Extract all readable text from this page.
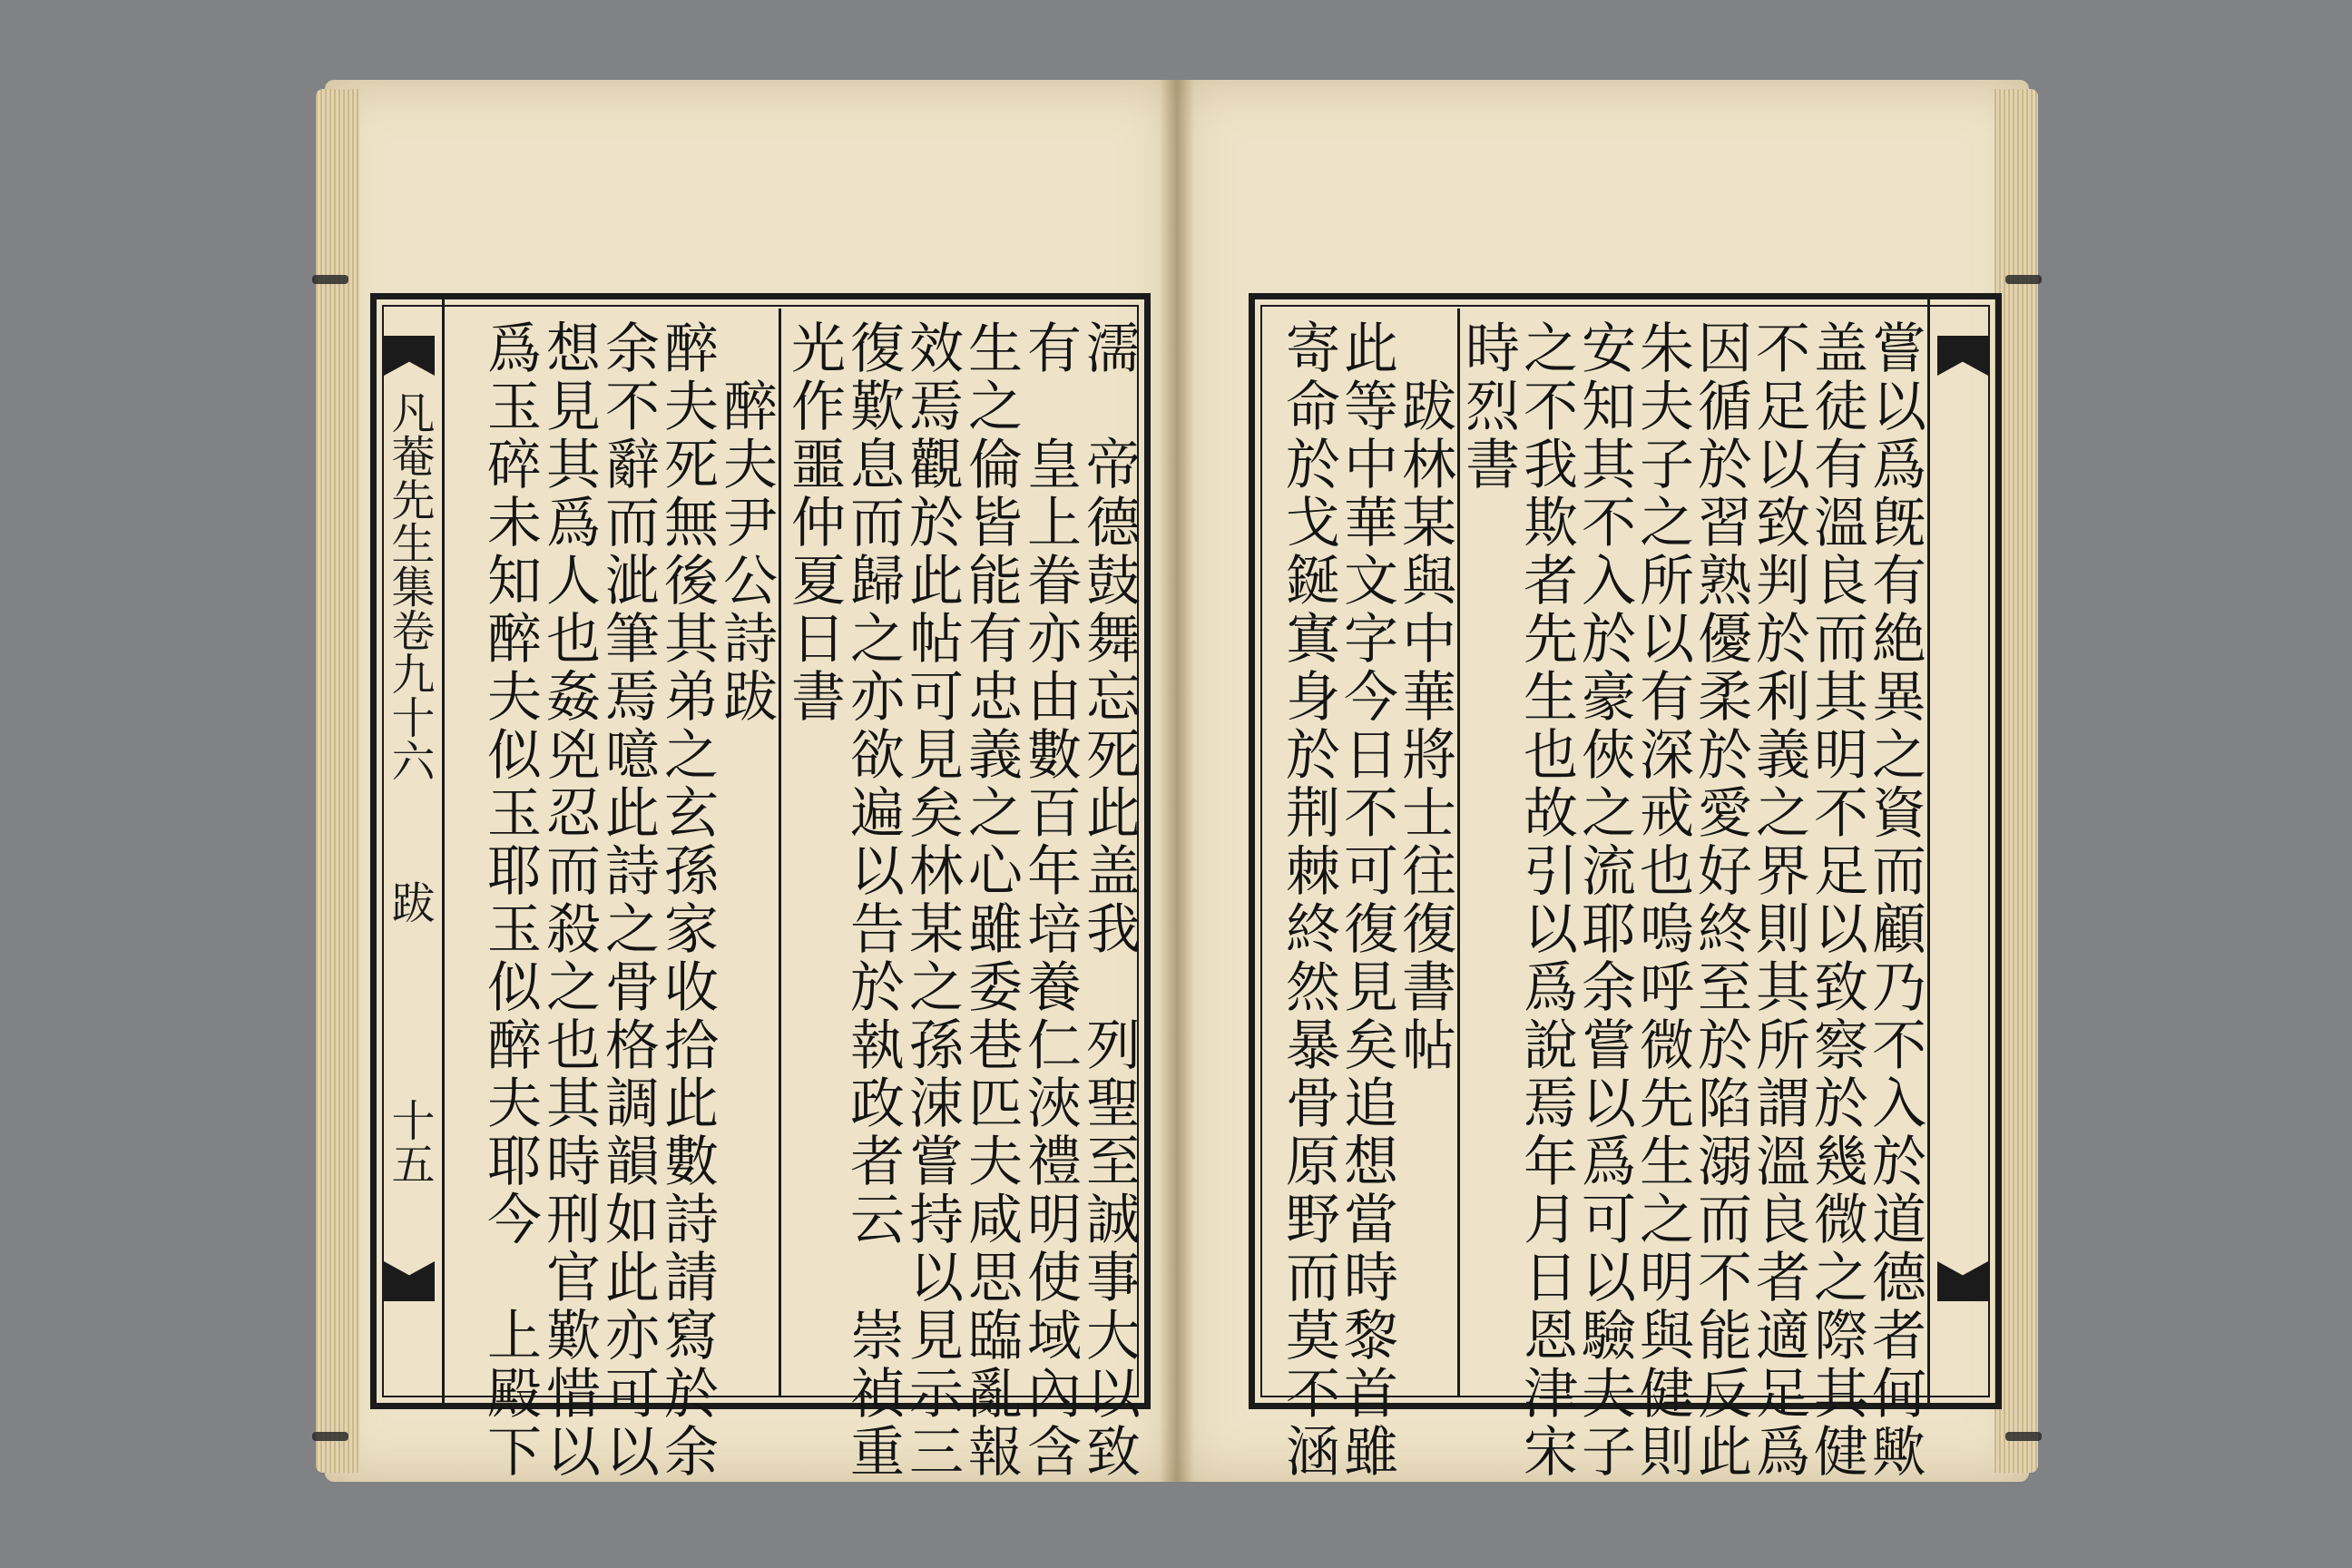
凡菴先生集卷九十六
跋
十五	濡　帝德鼓舞忘死此盖我　列聖至誠事大以致
有　皇上眷亦由數百年培養仁浹禮明使域內含
生之倫皆能有忠義之心雖委巷匹夫咸思臨亂報
效焉觀於此帖可見矣林某之孫涑嘗持以見示三
復歎息而歸之亦欲遍以告於執政者云　崇禎重
光作噩仲夏日書
　醉夫尹公詩跋
醉夫死無後其弟之玄孫家收拾此數詩請寫於余
余不辭而泚筆焉噫此詩之骨格調韻如此亦可以
想見其爲人也姦兇忍而殺之也其時刑官歎惜以
爲玉碎未知醉夫似玉耶玉似醉夫耶今　上殿下	嘗以爲旣有絶異之資而顧乃不入於道德者何歟
盖徒有溫良而其明不足以致察於幾微之際其健
不足以致判於利義之界則其所謂溫良者適足爲
因循於習熟優柔於愛好終至於陷溺而不能反此
朱夫子之所以有深戒也嗚呼微先生之明與健則
安知其不入於豪俠之流耶余嘗以爲可以驗夫子
之不我欺者先生也故引以爲說焉年月日恩津宋
時烈書
　跋林某與中華將士往復書帖
此等中華文字今日不可復見矣追想當時黎首雖
寄命於戈鋋寘身於荆棘終然暴骨原野而莫不涵
